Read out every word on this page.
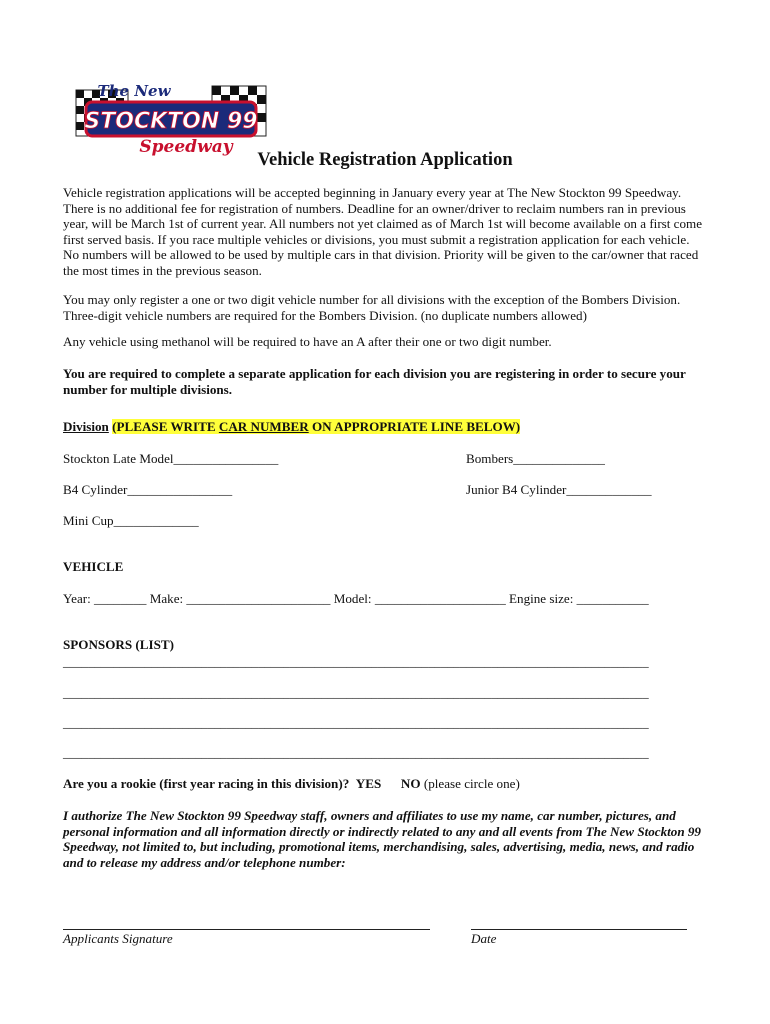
STOCKTON 99
The New
Speedway
Vehicle Registration Application
Vehicle registration applications will be accepted beginning in January every year at The New Stockton 99 Speedway. There is no additional fee for registration of numbers. Deadline for an owner/driver to reclaim numbers ran in previous year, will be March 1st of current year. All numbers not yet claimed as of March 1st will become available on a first come first served basis. If you race multiple vehicles or divisions, you must submit a registration application for each vehicle. No numbers will be allowed to be used by multiple cars in that division. Priority will be given to the car/owner that raced the most times in the previous season.
You may only register a one or two digit vehicle number for all divisions with the exception of the Bombers Division. Three-digit vehicle numbers are required for the Bombers Division. (no duplicate numbers allowed)
Any vehicle using methanol will be required to have an A after their one or two digit number.
You are required to complete a separate application for each division you are registering in order to secure your number for multiple divisions.
Division (PLEASE WRITE CAR NUMBER ON APPROPRIATE LINE BELOW)
Stockton Late Model________________	Bombers______________
B4 Cylinder________________	Junior B4 Cylinder_____________
Mini Cup_____________
VEHICLE
Year: ________ Make: ______________________ Model: ____________________ Engine size: ___________
SPONSORS (LIST)
_____________________________________________________________________________________________
_____________________________________________________________________________________________
_____________________________________________________________________________________________
_____________________________________________________________________________________________
Are you a rookie (first year racing in this division)? YES NO (please circle one)
I authorize The New Stockton 99 Speedway staff, owners and affiliates to use my name, car number, pictures, and personal information and all information directly or indirectly related to any and all events from The New Stockton 99 Speedway, not limited to, but including, promotional items, merchandising, sales, advertising, media, news, and radio and to release my address and/or telephone number:
Applicants Signature	Date
